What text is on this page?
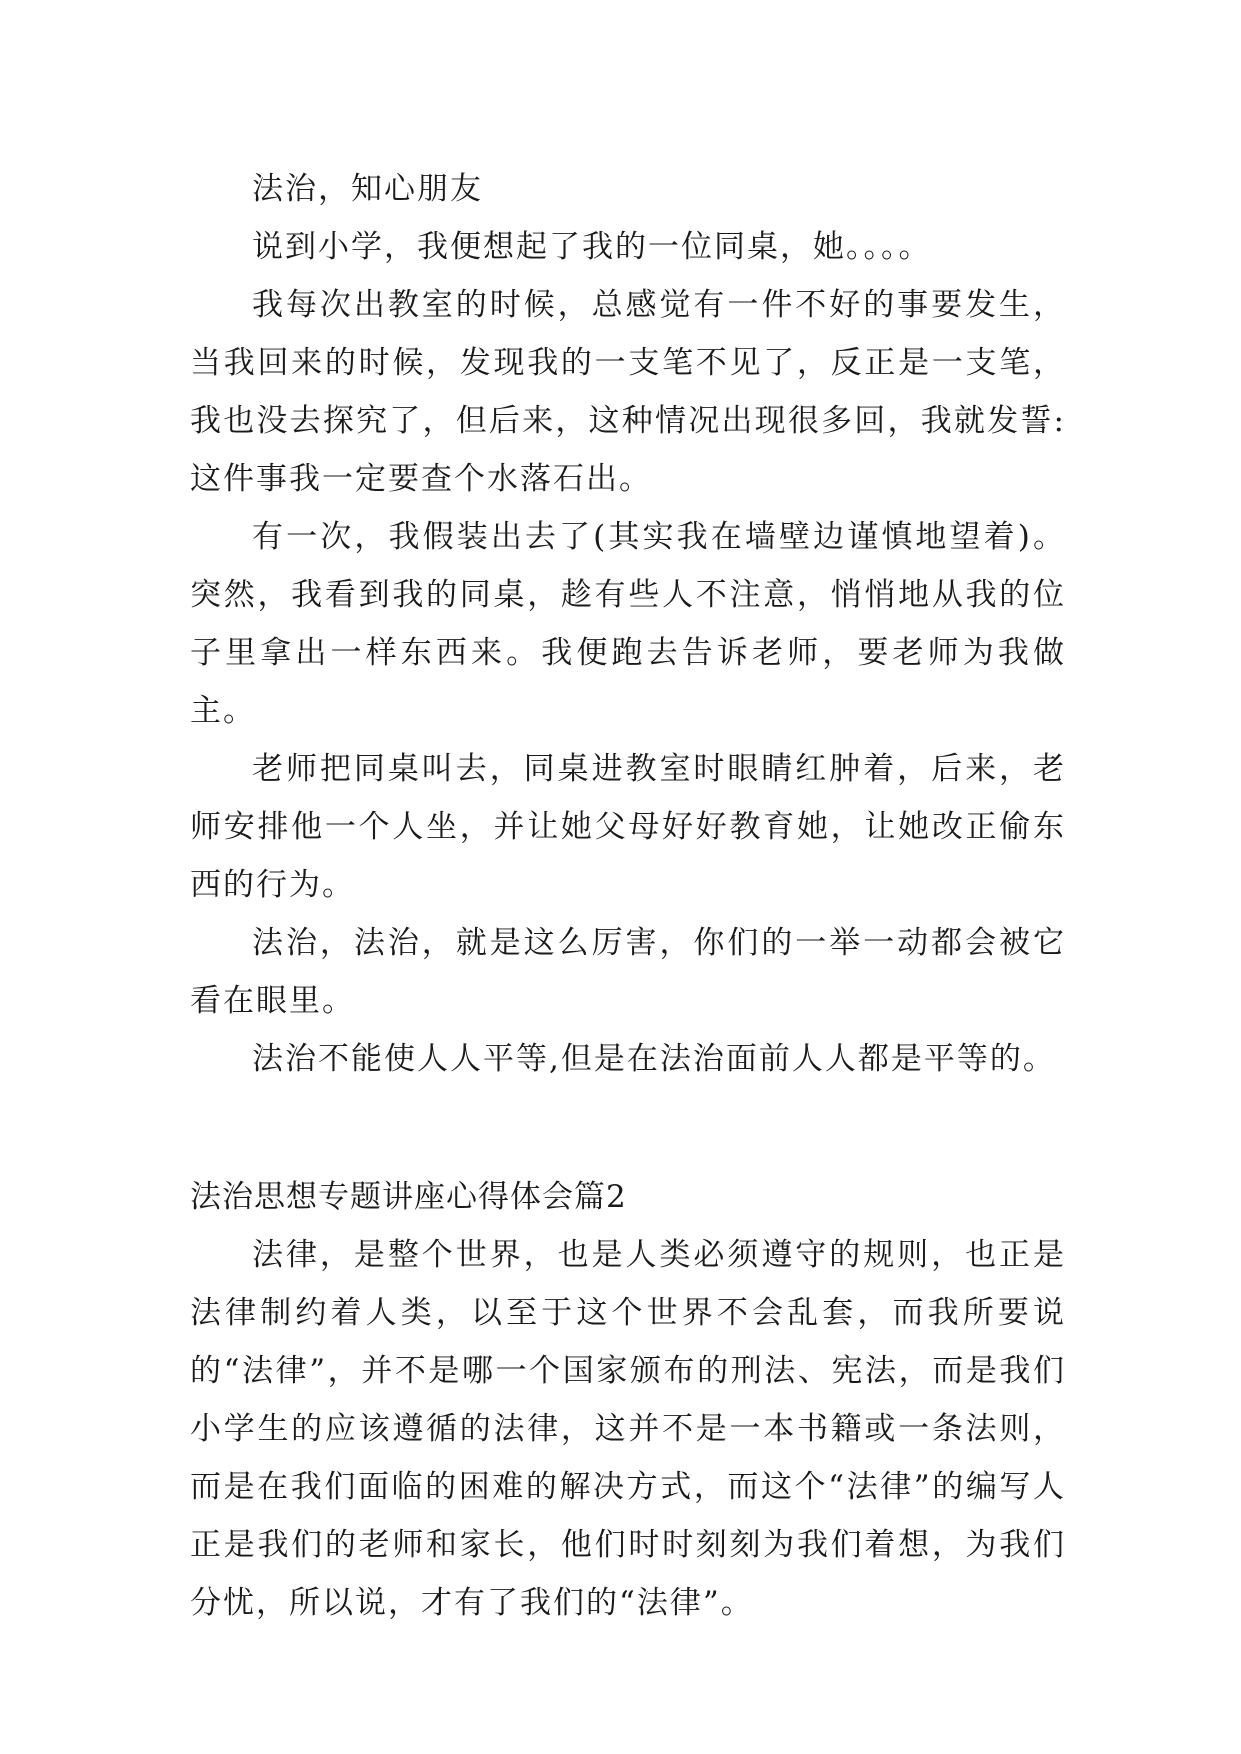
法治，知心朋友

说到小学，我便想起了我的一位同桌，她。。。。

我每次出教室的时候，总感觉有一件不好的事要发生，当我回来的时候，发现我的一支笔不见了，反正是一支笔，我也没去探究了，但后来，这种情况出现很多回，我就发誓:这件事我一定要查个水落石出。

有一次，我假装出去了(其实我在墙壁边谨慎地望着)。突然，我看到我的同桌，趁有些人不注意，悄悄地从我的位子里拿出一样东西来。我便跑去告诉老师，要老师为我做主。

老师把同桌叫去，同桌进教室时眼睛红肿着，后来，老师安排他一个人坐，并让她父母好好教育她，让她改正偷东西的行为。

法治，法治，就是这么厉害，你们的一举一动都会被它看在眼里。

法治不能使人人平等,但是在法治面前人人都是平等的。

法治思想专题讲座心得体会篇2

法律，是整个世界，也是人类必须遵守的规则，也正是法律制约着人类，以至于这个世界不会乱套，而我所要说的“法律”，并不是哪一个国家颁布的刑法、宪法，而是我们小学生的应该遵循的法律，这并不是一本书籍或一条法则，而是在我们面临的困难的解决方式，而这个“法律”的编写人正是我们的老师和家长，他们时时刻刻为我们着想，为我们分忧，所以说，才有了我们的“法律”。
